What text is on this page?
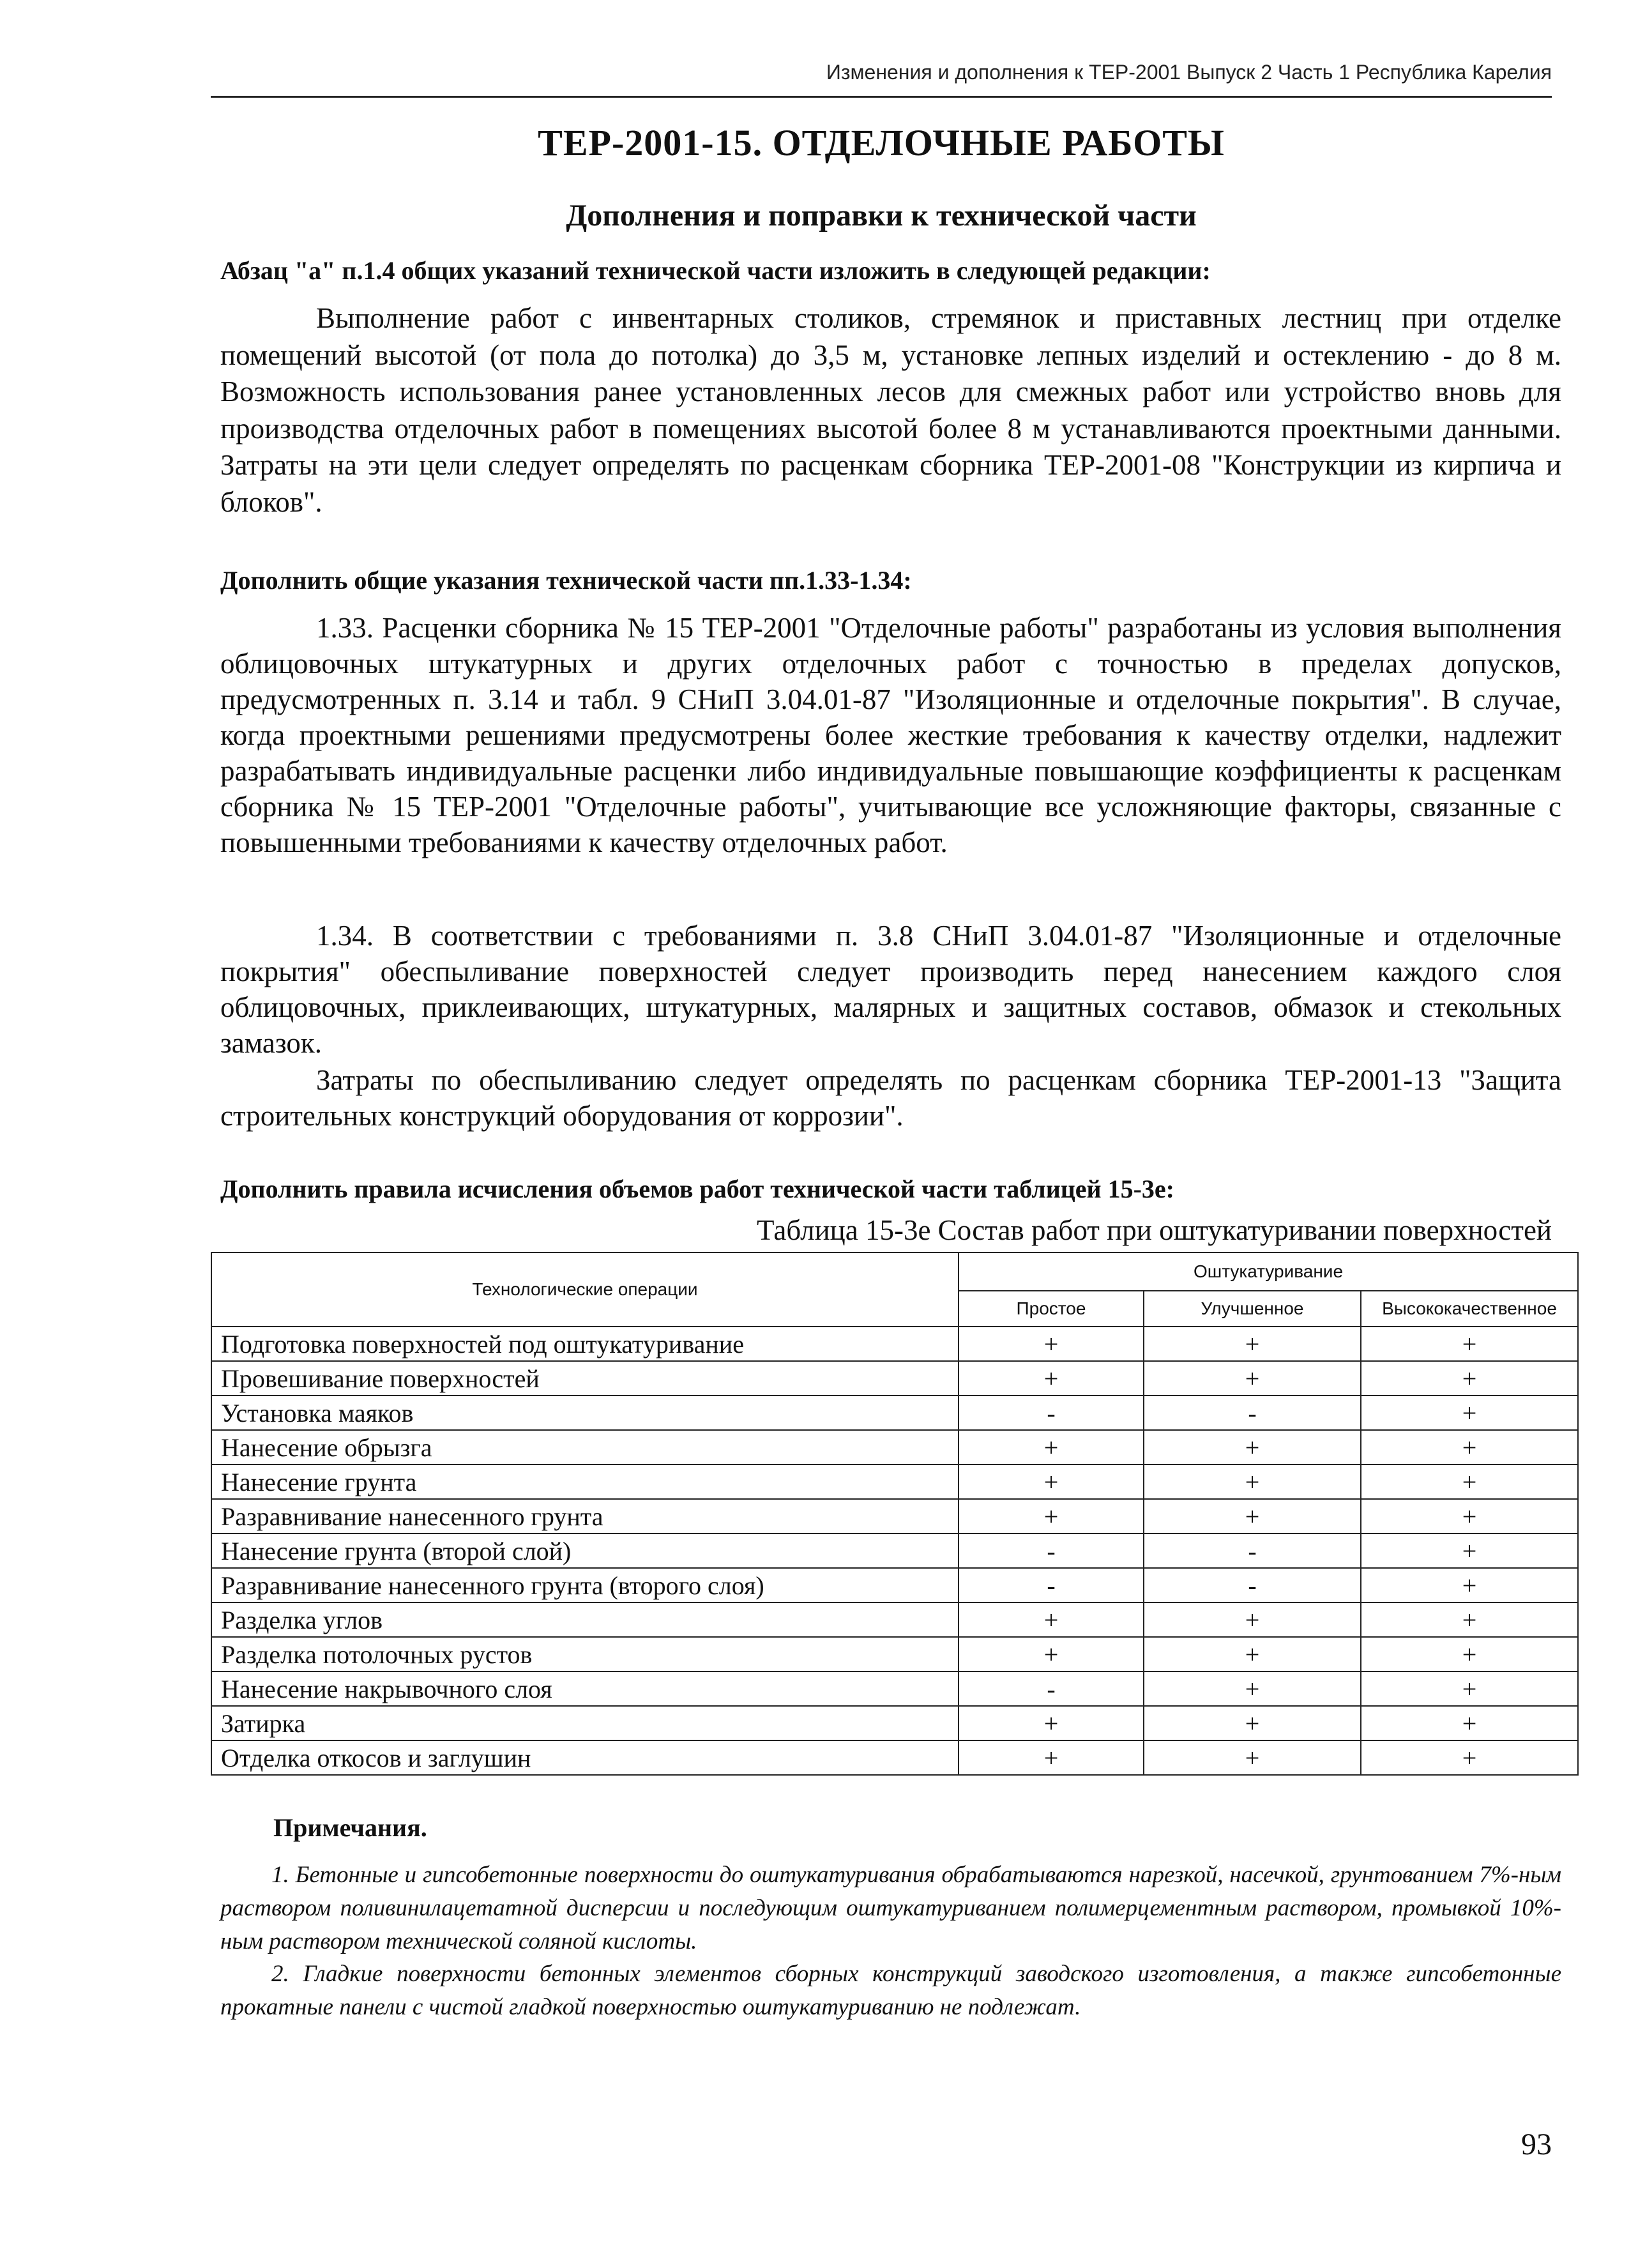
Изменения и дополнения к ТЕР-2001 Выпуск 2 Часть 1 Республика Карелия
ТЕР-2001-15. ОТДЕЛОЧНЫЕ РАБОТЫ
Дополнения и поправки к технической части
Абзац "а" п.1.4 общих указаний технической части изложить в следующей редакции:
Выполнение работ с инвентарных столиков, стремянок и приставных лестниц при отделке помещений высотой (от пола до потолка) до 3,5 м, установке лепных изделий и остеклению - до 8 м. Возможность использования ранее установленных лесов для смежных работ или устройство вновь для производства отделочных работ в помещениях высотой более 8 м устанавливаются проектными данными. Затраты на эти цели следует определять по расценкам сборника ТЕР-2001-08 "Конструкции из кирпича и блоков".
Дополнить общие указания технической части пп.1.33-1.34:
1.33. Расценки сборника № 15 ТЕР-2001 "Отделочные работы" разработаны из условия выполнения облицовочных штукатурных и других отделочных работ с точностью в пределах допусков, предусмотренных п. 3.14 и табл. 9 СНиП 3.04.01-87 "Изоляционные и отделочные покрытия". В случае, когда проектными решениями предусмотрены более жесткие требования к качеству отделки, надлежит разрабатывать индивидуальные расценки либо индивидуальные повышающие коэффициенты к расценкам сборника № 15 ТЕР-2001 "Отделочные работы", учитывающие все усложняющие факторы, связанные с повышенными требованиями к качеству отделочных работ.
1.34. В соответствии с требованиями п. 3.8 СНиП 3.04.01-87 "Изоляционные и отделочные покрытия" обеспыливание поверхностей следует производить перед нанесением каждого слоя облицовочных, приклеивающих, штукатурных, малярных и защитных составов, обмазок и стекольных замазок.
Затраты по обеспыливанию следует определять по расценкам сборника ТЕР-2001-13 "Защита строительных конструкций оборудования от коррозии".
Дополнить правила исчисления объемов работ технической части таблицей 15-3е:
Таблица 15-3е Состав работ при оштукатуривании поверхностей
Технологические операции	Оштукатуривание		
	Простое	Улучшенное	Высококачественное
Подготовка поверхностей под оштукатуривание	+	+	+
Провешивание поверхностей	+	+	+
Установка маяков	-	-	+
Нанесение обрызга	+	+	+
Нанесение грунта	+	+	+
Разравнивание нанесенного грунта	+	+	+
Нанесение грунта (второй слой)	-	-	+
Разравнивание нанесенного грунта (второго слоя)	-	-	+
Разделка углов	+	+	+
Разделка потолочных рустов	+	+	+
Нанесение накрывочного слоя	-	+	+
Затирка	+	+	+
Отделка откосов и заглушин	+	+	+
Примечания.
1. Бетонные и гипсобетонные поверхности до оштукатуривания обрабатываются нарезкой, насечкой, грунтованием 7%-ным раствором поливинилацетатной дисперсии и последующим оштукатуриванием полимерцементным раствором, промывкой 10%-ным раствором технической соляной кислоты.
2. Гладкие поверхности бетонных элементов сборных конструкций заводского изготовления, а также гипсобетонные прокатные панели с чистой гладкой поверхностью оштукатуриванию не подлежат.
93
